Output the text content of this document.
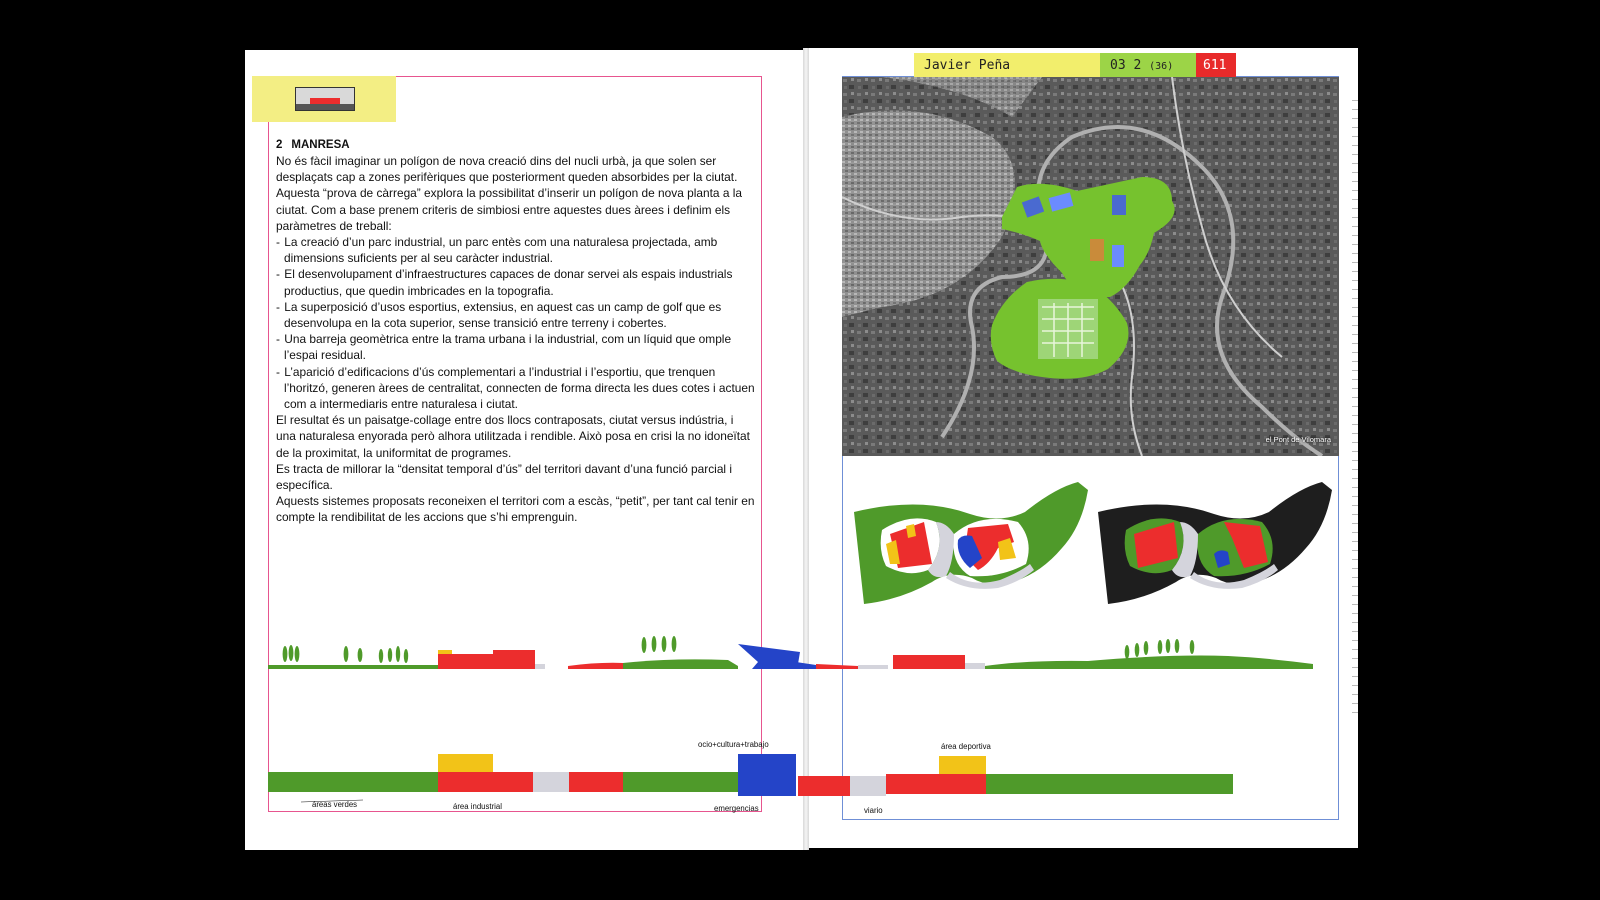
2 MANRESA

No és fàcil imaginar un polígon de nova creació dins del nucli urbà, ja que solen ser desplaçats cap a zones perifèriques que posteriorment queden absorbides per la ciutat. Aquesta “prova de càrrega” explora la possibilitat d’inserir un polígon de nova planta a la ciutat. Com a base prenem criteris de simbiosi entre aquestes dues àrees i definim els paràmetres de treball:

- La creació d’un parc industrial, un parc entès com una naturalesa projectada, amb dimensions suficients per al seu caràcter industrial.
- El desenvolupament d’infraestructures capaces de donar servei als espais industrials productius, que quedin imbricades en la topografia.
- La superposició d’usos esportius, extensius, en aquest cas un camp de golf que es desenvolupa en la cota superior, sense transició entre terreny i cobertes.
- Una barreja geomètrica entre la trama urbana i la industrial, com un líquid que omple l’espai residual.
- L’aparició d’edificacions d’ús complementari a l’industrial i l’esportiu, que trenquen l’horitzó, generen àrees de centralitat, connecten de forma directa les dues cotes i actuen com a intermediaris entre naturalesa i ciutat.

El resultat és un paisatge-collage entre dos llocs contraposats, ciutat versus indústria, i una naturalesa enyorada però alhora utilitzada i rendible. Això posa en crisi la no idoneïtat de la proximitat, la uniformitat de programes.

Es tracta de millorar la “densitat temporal d’ús” del territori davant d’una funció parcial i específica.

Aquests sistemes proposats reconeixen el territori com a escàs, “petit”, per tant cal tenir en compte la rendibilitat de les accions que s’hi emprenguin.

Javier Peña	03 2 (36)	611
el Pont de Vilomara
áreas verdes	área industrial
ocio+cultura+trabajo
emergencias
área deportiva
viario
